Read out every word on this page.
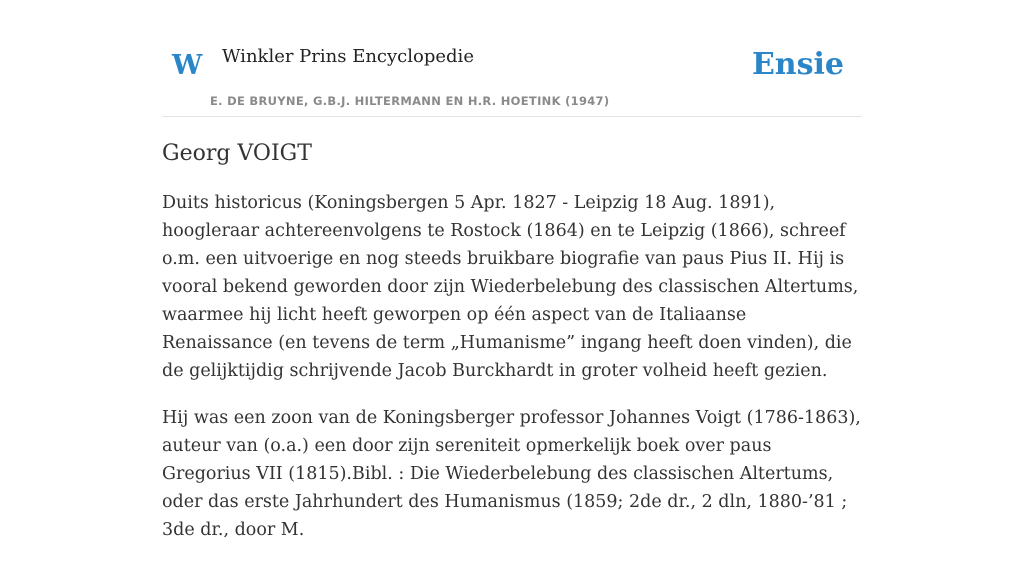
W Winkler Prins Encyclopedie
E. DE BRUYNE, G.B.J. HILTERMANN EN H.R. HOETINK (1947)
Ensie
Georg VOIGT

Duits historicus (Koningsbergen 5 Apr. 1827 - Leipzig 18 Aug. 1891), hoogleraar achtereenvolgens te Rostock (1864) en te Leipzig (1866), schreef o.m. een uitvoerige en nog steeds bruikbare biografie van paus Pius II. Hij is vooral bekend geworden door zijn Wiederbelebung des classischen Altertums, waarmee hij licht heeft geworpen op één aspect van de Italiaanse Renaissance (en tevens de term „Humanisme” ingang heeft doen vinden), die de gelijktijdig schrijvende Jacob Burckhardt in groter volheid heeft gezien.

Hij was een zoon van de Koningsberger professor Johannes Voigt (1786-1863), auteur van (o.a.) een door zijn sereniteit opmerkelijk boek over paus Gregorius VII (1815).Bibl. : Die Wiederbelebung des classischen Altertums, oder das erste Jahrhundert des Humanismus (1859; 2de dr., 2 dln, 1880-’81 ; 3de dr., door M.
